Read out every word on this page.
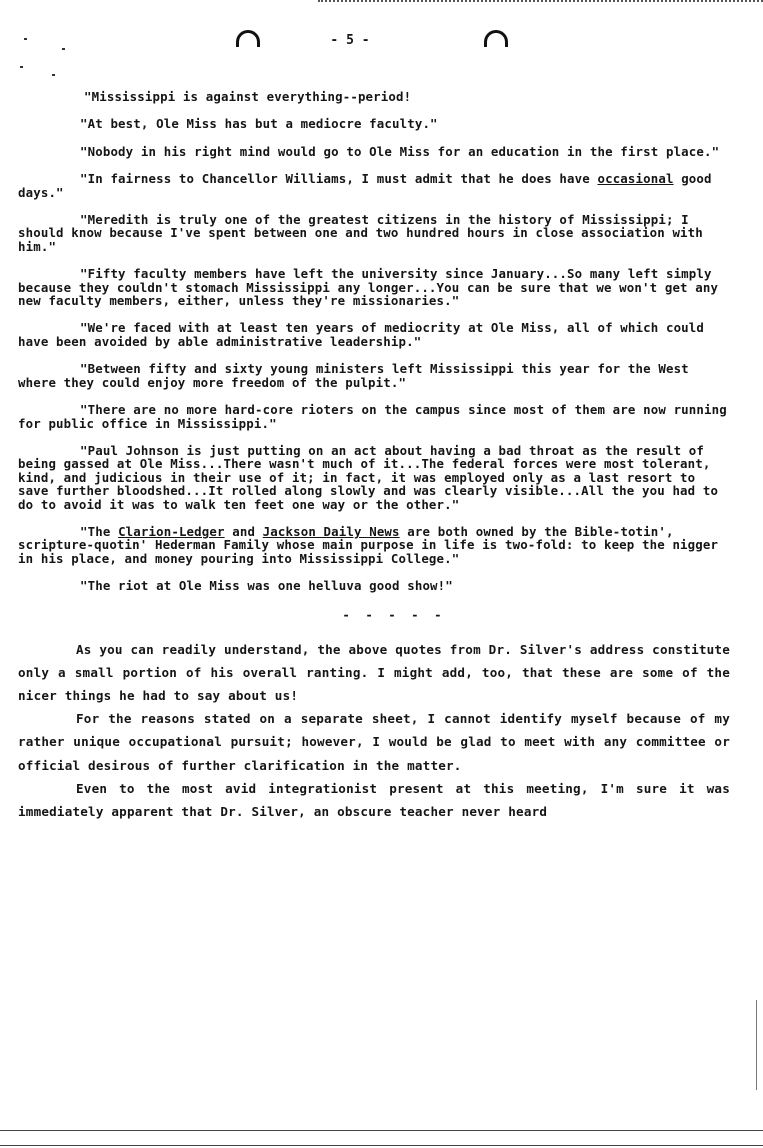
- 5 -

"Mississippi is against everything--period!

"At best, Ole Miss has but a mediocre faculty."

"Nobody in his right mind would go to Ole Miss for an education in the first place."

"In fairness to Chancellor Williams, I must admit that he does have occasional good days."

"Meredith is truly one of the greatest citizens in the history of Mississippi; I should know because I've spent between one and two hundred hours in close association with him."

"Fifty faculty members have left the university since January...So many left simply because they couldn't stomach Mississippi any longer...You can be sure that we won't get any new faculty members, either, unless they're missionaries."

"We're faced with at least ten years of mediocrity at Ole Miss, all of which could have been avoided by able administrative leadership."

"Between fifty and sixty young ministers left Mississippi this year for the West where they could enjoy more freedom of the pulpit."

"There are no more hard-core rioters on the campus since most of them are now running for public office in Mississippi."

"Paul Johnson is just putting on an act about having a bad throat as the result of being gassed at Ole Miss...There wasn't much of it...The federal forces were most tolerant, kind, and judicious in their use of it; in fact, it was employed only as a last resort to save further bloodshed...It rolled along slowly and was clearly visible...All the you had to do to avoid it was to walk ten feet one way or the other."

"The Clarion-Ledger and Jackson Daily News are both owned by the Bible-totin', scripture-quotin' Hederman Family whose main purpose in life is two-fold: to keep the nigger in his place, and money pouring into Mississippi College."

"The riot at Ole Miss was one helluva good show!"

- - - - -

As you can readily understand, the above quotes from Dr. Silver's address constitute only a small portion of his overall ranting. I might add, too, that these are some of the nicer things he had to say about us!

For the reasons stated on a separate sheet, I cannot identify myself because of my rather unique occupational pursuit; however, I would be glad to meet with any committee or official desirous of further clarification in the matter.

Even to the most avid integrationist present at this meeting, I'm sure it was immediately apparent that Dr. Silver, an obscure teacher never heard
